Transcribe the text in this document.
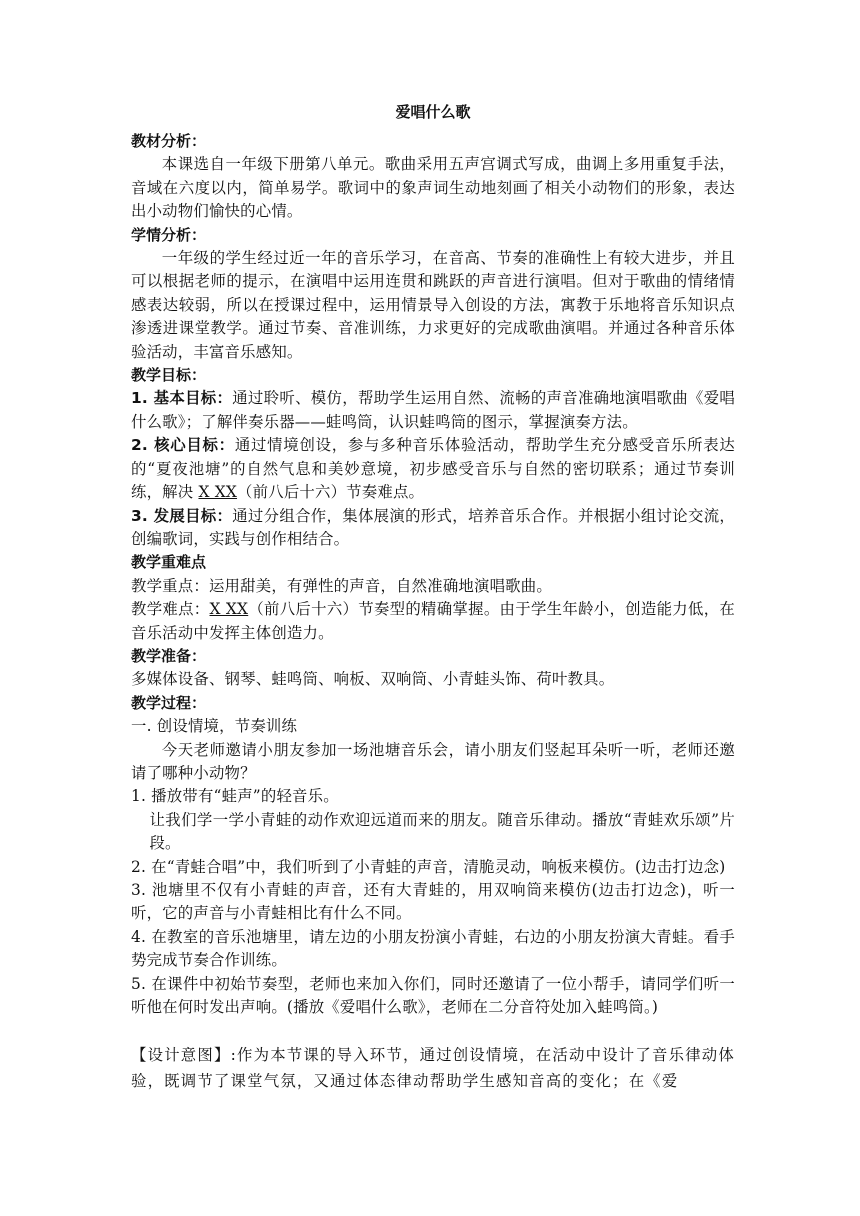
爱唱什么歌

教材分析：

本课选自一年级下册第八单元。歌曲采用五声宫调式写成，曲调上多用重复手法，音域在六度以内，简单易学。歌词中的象声词生动地刻画了相关小动物们的形象，表达出小动物们愉快的心情。

学情分析：

一年级的学生经过近一年的音乐学习，在音高、节奏的准确性上有较大进步，并且可以根据老师的提示，在演唱中运用连贯和跳跃的声音进行演唱。但对于歌曲的情绪情感表达较弱，所以在授课过程中，运用情景导入创设的方法，寓教于乐地将音乐知识点渗透进课堂教学。通过节奏、音准训练，力求更好的完成歌曲演唱。并通过各种音乐体验活动，丰富音乐感知。

教学目标：

1. 基本目标：通过聆听、模仿，帮助学生运用自然、流畅的声音准确地演唱歌曲《爱唱什么歌》；了解伴奏乐器——蛙鸣筒，认识蛙鸣筒的图示，掌握演奏方法。

2. 核心目标：通过情境创设，参与多种音乐体验活动，帮助学生充分感受音乐所表达的“夏夜池塘”的自然气息和美妙意境，初步感受音乐与自然的密切联系；通过节奏训练，解决 X XX（前八后十六）节奏难点。

3. 发展目标：通过分组合作，集体展演的形式，培养音乐合作。并根据小组讨论交流，创编歌词，实践与创作相结合。

教学重难点

教学重点：运用甜美，有弹性的声音，自然准确地演唱歌曲。

教学难点：X XX（前八后十六）节奏型的精确掌握。由于学生年龄小，创造能力低，在音乐活动中发挥主体创造力。

教学准备：

多媒体设备、钢琴、蛙鸣筒、响板、双响筒、小青蛙头饰、荷叶教具。

教学过程：

一. 创设情境，节奏训练

今天老师邀请小朋友参加一场池塘音乐会，请小朋友们竖起耳朵听一听，老师还邀请了哪种小动物？

1. 播放带有“蛙声”的轻音乐。

让我们学一学小青蛙的动作欢迎远道而来的朋友。随音乐律动。播放“青蛙欢乐颂”片段。

2. 在“青蛙合唱”中，我们听到了小青蛙的声音，清脆灵动，响板来模仿。(边击打边念)

3. 池塘里不仅有小青蛙的声音，还有大青蛙的，用双响筒来模仿(边击打边念)，听一听，它的声音与小青蛙相比有什么不同。

4. 在教室的音乐池塘里，请左边的小朋友扮演小青蛙，右边的小朋友扮演大青蛙。看手势完成节奏合作训练。

5. 在课件中初始节奏型，老师也来加入你们，同时还邀请了一位小帮手，请同学们听一听他在何时发出声响。(播放《爱唱什么歌》，老师在二分音符处加入蛙鸣筒。)

【设计意图】:作为本节课的导入环节，通过创设情境，在活动中设计了音乐律动体验，既调节了课堂气氛，又通过体态律动帮助学生感知音高的变化；在《爱
